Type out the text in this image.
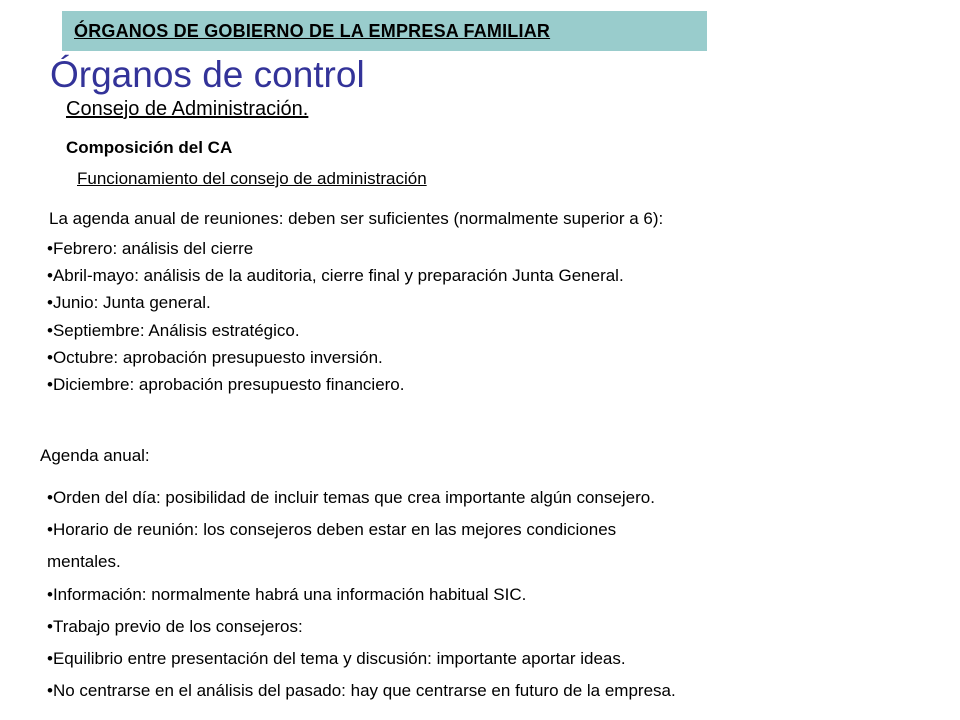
ÓRGANOS DE GOBIERNO DE LA EMPRESA FAMILIAR
Órganos de control
Consejo de Administración.
Composición del CA
Funcionamiento del consejo de administración
La agenda anual de reuniones: deben ser suficientes (normalmente superior a 6):
•Febrero: análisis del cierre
•Abril-mayo: análisis de la auditoria, cierre final y preparación Junta General.
•Junio: Junta general.
•Septiembre: Análisis estratégico.
•Octubre: aprobación presupuesto inversión.
•Diciembre: aprobación presupuesto financiero.
Agenda anual:
•Orden del día: posibilidad de incluir temas que crea importante algún consejero.
•Horario de reunión: los consejeros deben estar en las mejores condiciones
mentales.
•Información: normalmente habrá una información habitual SIC.
•Trabajo previo de los consejeros:
•Equilibrio entre presentación del tema y discusión: importante aportar ideas.
•No centrarse en el análisis del pasado: hay que centrarse en futuro de la empresa.
